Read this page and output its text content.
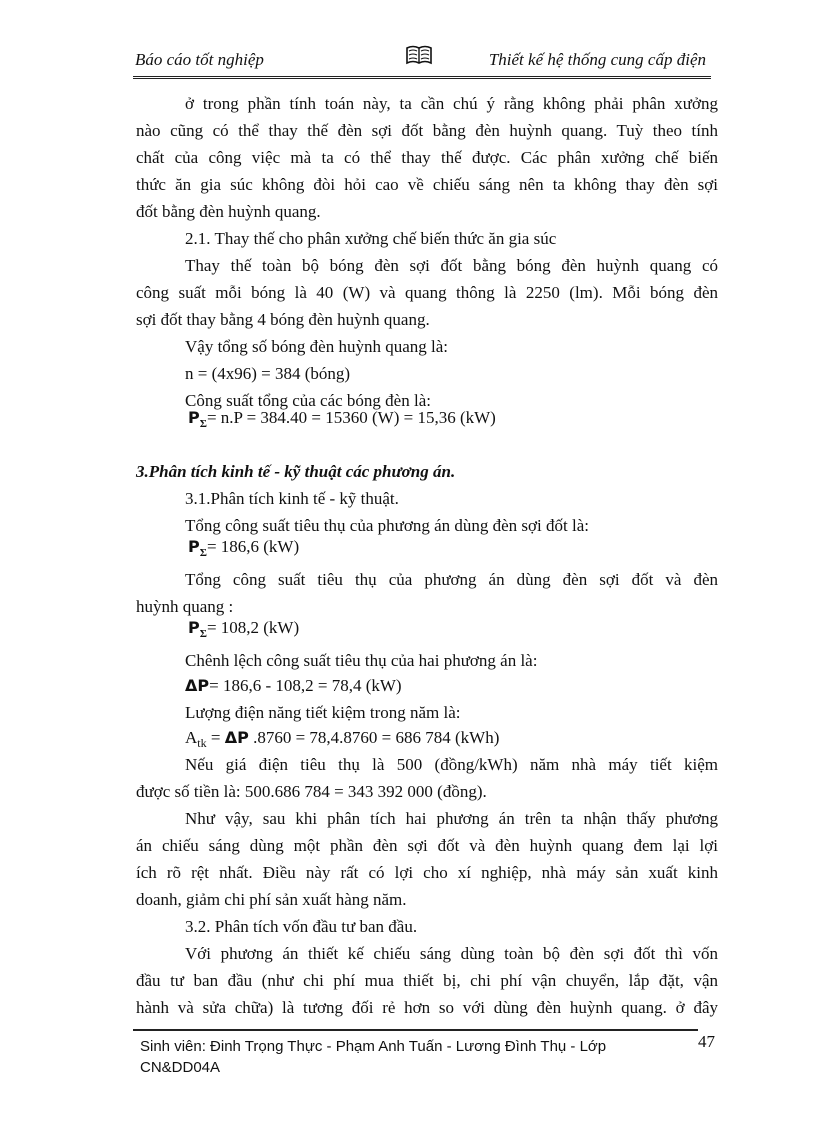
Báo cáo tốt nghiệp	Thiết kế hệ thống cung cấp điện
ở trong phần tính toán này, ta cần chú ý rằng không phải phân xưởng
nào cũng có thể thay thế đèn sợi đốt bằng đèn huỳnh quang. Tuỳ theo tính
chất của công việc mà ta có thể thay thế được. Các phân xưởng chế biến
thức ăn gia súc không đòi hỏi cao về chiếu sáng nên ta không thay đèn sợi
đốt bằng đèn huỳnh quang.
2.1. Thay thế cho phân xưởng chế biến thức ăn gia súc
Thay thế toàn bộ bóng đèn sợi đốt bằng bóng đèn huỳnh quang có
công suất mỗi bóng là 40 (W) và quang thông là 2250 (lm). Mỗi bóng đèn
sợi đốt thay bằng 4 bóng đèn huỳnh quang.
Vậy tổng số bóng đèn huỳnh quang là:
n = (4x96) = 384 (bóng)
Công suất tổng của các bóng đèn là:
$P_\Sigma= n.P = 384.40 = 15360$ (W) = 15,36 (kW)
3.Phân tích kinh tế - kỹ thuật các phương án.
3.1.Phân tích kinh tế - kỹ thuật.
Tổng công suất tiêu thụ của phương án dùng đèn sợi đốt là:
$P_\Sigma= 186,6$ (kW)
Tổng công suất tiêu thụ của phương án dùng đèn sợi đốt và đèn
huỳnh quang :
$P_\Sigma= 108,2$ (kW)
Chênh lệch công suất tiêu thụ của hai phương án là:
ΔP= 186,6 - 108,2 = 78,4 (kW)
Lượng điện năng tiết kiệm trong năm là:
$A_{tk} = \Delta P$ .8760 = 78,4.8760 = 686 784 (kWh)
Nếu giá điện tiêu thụ là 500 (đồng/kWh) năm nhà máy tiết kiệm
được số tiền là: 500.686 784 = 343 392 000 (đồng).
Như vậy, sau khi phân tích hai phương án trên ta nhận thấy phương
án chiếu sáng dùng một phần đèn sợi đốt và đèn huỳnh quang đem lại lợi
ích rõ rệt nhất. Điều này rất có lợi cho xí nghiệp, nhà máy sản xuất kinh
doanh, giảm chi phí sản xuất hàng năm.
3.2. Phân tích vốn đầu tư ban đầu.
Với phương án thiết kế chiếu sáng dùng toàn bộ đèn sợi đốt thì vốn
đầu tư ban đầu (như chi phí mua thiết bị, chi phí vận chuyển, lắp đặt, vận
hành và sửa chữa) là tương đối rẻ hơn so với dùng đèn huỳnh quang. ở đây
Sinh viên: Đinh Trọng Thực - Phạm Anh Tuấn - Lương Đình Thụ - Lớp
CN&DD04A
47
